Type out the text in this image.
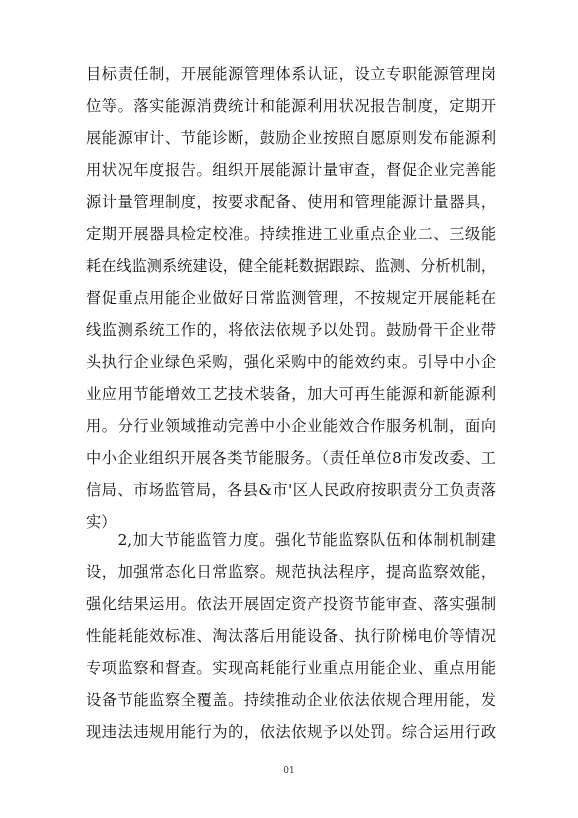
目标责任制，开展能源管理体系认证，设立专职能源管理岗
位等。落实能源消费统计和能源利用状况报告制度，定期开
展能源审计、节能诊断，鼓励企业按照自愿原则发布能源利
用状况年度报告。组织开展能源计量审查，督促企业完善能
源计量管理制度，按要求配备、使用和管理能源计量器具，
定期开展器具检定校准。持续推进工业重点企业二、三级能
耗在线监测系统建设，健全能耗数据跟踪、监测、分析机制，
督促重点用能企业做好日常监测管理，不按规定开展能耗在
线监测系统工作的，将依法依规予以处罚。鼓励骨干企业带
头执行企业绿色采购，强化采购中的能效约束。引导中小企
业应用节能增效工艺技术装备，加大可再生能源和新能源利
用。分行业领域推动完善中小企业能效合作服务机制，面向
中小企业组织开展各类节能服务。（责任单位8市发改委、工
信局、市场监管局，各县&市'区人民政府按职责分工负责落
实）
　　2,加大节能监管力度。强化节能监察队伍和体制机制建
设，加强常态化日常监察。规范执法程序，提高监察效能，
强化结果运用。依法开展固定资产投资节能审查、落实强制
性能耗能效标准、淘汰落后用能设备、执行阶梯电价等情况
专项监察和督查。实现高耗能行业重点用能企业、重点用能
设备节能监察全覆盖。持续推动企业依法依规合理用能，发
现违法违规用能行为的，依法依规予以处罚。综合运用行政
01
